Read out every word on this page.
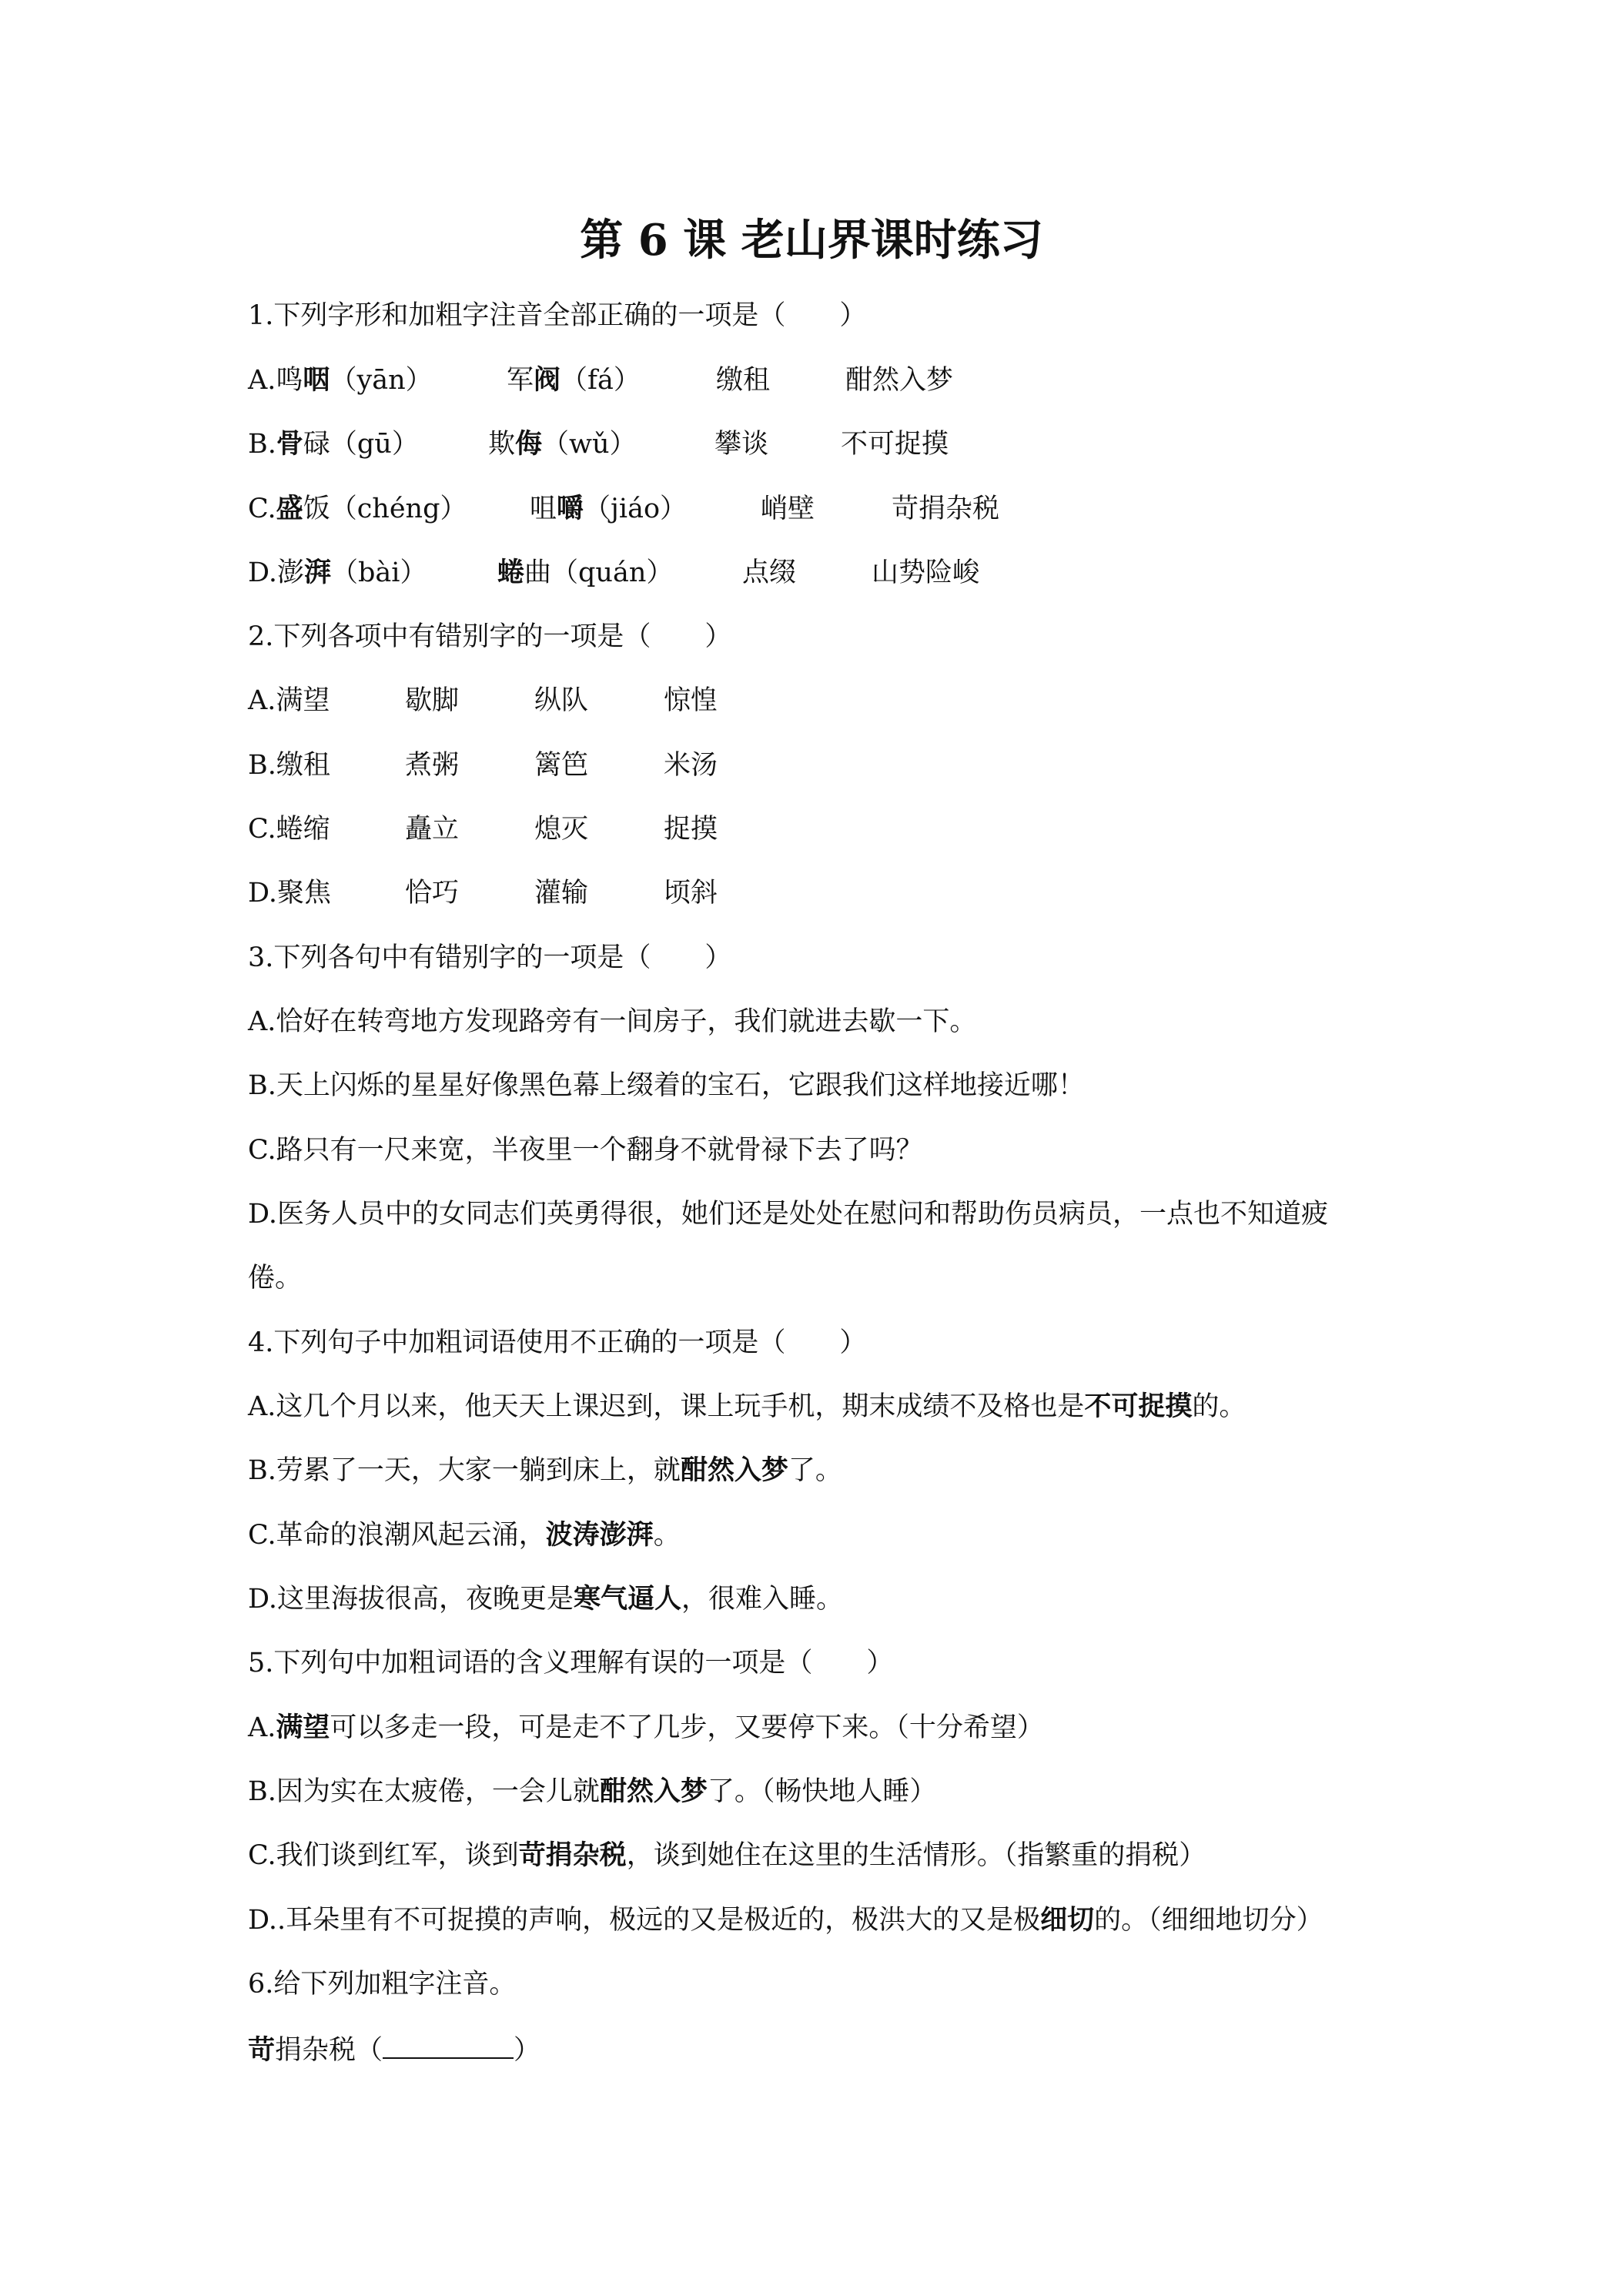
第 6 课 老山界课时练习
1.下列字形和加粗字注音全部正确的一项是（　　）
A.鸣咽（yān）	军阀（fá）	缴租	酣然入梦
B.骨碌（gū）	欺侮（wǔ）	攀谈	不可捉摸
C.盛饭（chéng） 咀嚼（jiáo）	峭壁	苛捐杂税
D.澎湃（bài）	蜷曲（quán）	点缀	山势险峻
2.下列各项中有错别字的一项是（　　）
A.满望	歇脚	纵队	惊惶
B.缴租	煮粥	篱笆	米汤
C.蜷缩	矗立	熄灭	捉摸
D.聚焦	恰巧	灌输	顷斜
3.下列各句中有错别字的一项是（　　）
A.恰好在转弯地方发现路旁有一间房子，我们就进去歇一下。
B.天上闪烁的星星好像黑色幕上缀着的宝石，它跟我们这样地接近哪！
C.路只有一尺来宽，半夜里一个翻身不就骨禄下去了吗？
D.医务人员中的女同志们英勇得很，她们还是处处在慰问和帮助伤员病员，一点也不知道疲
倦。
4.下列句子中加粗词语使用不正确的一项是（　　）
A.这几个月以来，他天天上课迟到，课上玩手机，期末成绩不及格也是不可捉摸的。
B.劳累了一天，大家一躺到床上，就酣然入梦了。
C.革命的浪潮风起云涌，波涛澎湃。
D.这里海拔很高，夜晚更是寒气逼人，很难入睡。
5.下列句中加粗词语的含义理解有误的一项是（　　）
A.满望可以多走一段，可是走不了几步，又要停下来。（十分希望）
B.因为实在太疲倦，一会儿就酣然入梦了。（畅快地人睡）
C.我们谈到红军，谈到苛捐杂税，谈到她住在这里的生活情形。（指繁重的捐税）
D..耳朵里有不可捉摸的声响，极远的又是极近的，极洪大的又是极细切的。（细细地切分）
6.给下列加粗字注音。
苛捐杂税（	）
